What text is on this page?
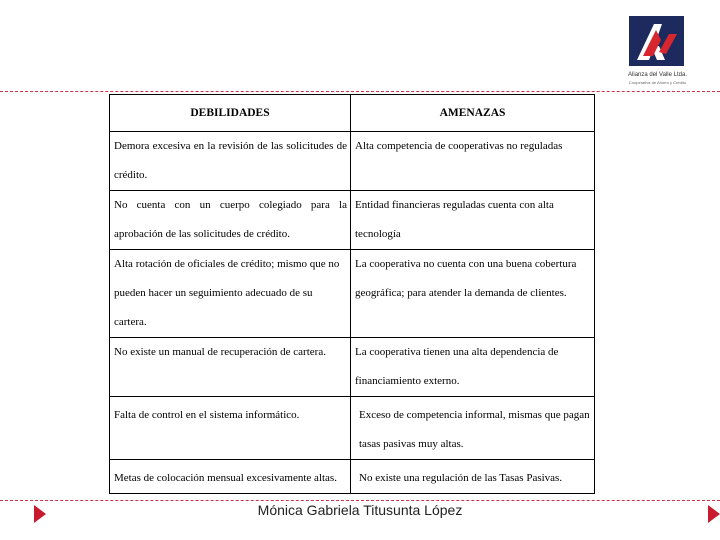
Alianza del Valle Ltda.
Cooperativa de Ahorro y Crédito
DEBILIDADES	AMENAZAS
Demora excesiva en la revisión de las solicitudes de crédito.	Alta competencia de cooperativas no reguladas
No cuenta con un cuerpo colegiado para la aprobación de las solicitudes de crédito.	Entidad financieras reguladas cuenta con alta tecnología
Alta rotación de oficiales de crédito; mismo que no pueden hacer un seguimiento adecuado de su cartera.	La cooperativa no cuenta con una buena cobertura geográfica; para atender la demanda de clientes.
No existe un manual de recuperación de cartera.	La cooperativa tienen una alta dependencia de financiamiento externo.
Falta de control en el sistema informático.	Exceso de competencia informal, mismas que pagan tasas pasivas muy altas.
Metas de colocación mensual excesivamente altas.	No existe una regulación de las Tasas Pasivas.
Mónica Gabriela Titusunta López
